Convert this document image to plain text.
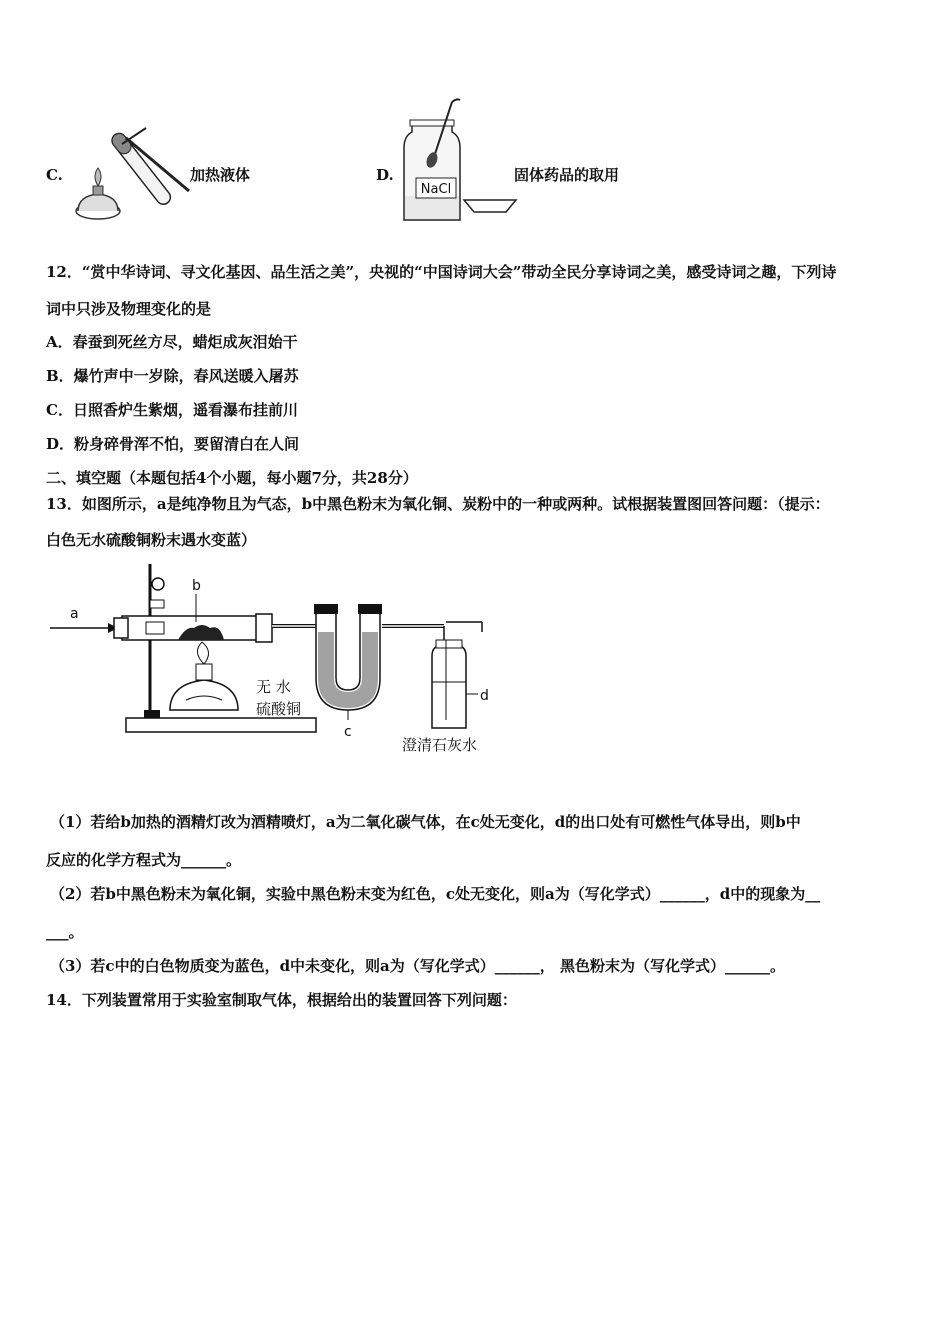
C.	加热液体	D.
NaCl
固体药品的取用
12．“赏中华诗词、寻文化基因、品生活之美”，央视的“中国诗词大会”带动全民分享诗词之美，感受诗词之趣，下列诗
词中只涉及物理变化的是
A．春蚕到死丝方尽，蜡炬成灰泪始干
B．爆竹声中一岁除，春风送暖入屠苏
C．日照香炉生紫烟，遥看瀑布挂前川
D．粉身碎骨浑不怕，要留清白在人间
二、填空题（本题包括4个小题，每小题7分，共28分）
13．如图所示，a是纯净物且为气态，b中黑色粉末为氧化铜、炭粉中的一种或两种。试根据装置图回答问题：（提示：
白色无水硫酸铜粉末遇水变蓝）
a
b
c
d
无 水
硫酸铜
澄清石灰水
（1）若给b加热的酒精灯改为酒精喷灯，a为二氧化碳气体，在c处无变化，d的出口处有可燃性气体导出，则b中
反应的化学方程式为______。
（2）若b中黑色粉末为氧化铜，实验中黑色粉末变为红色，c处无变化，则a为（写化学式）______，d中的现象为__
___。
（3）若c中的白色物质变为蓝色，d中未变化，则a为（写化学式）______， 黑色粉末为（写化学式）______。
14．下列装置常用于实验室制取气体，根据给出的装置回答下列问题：
